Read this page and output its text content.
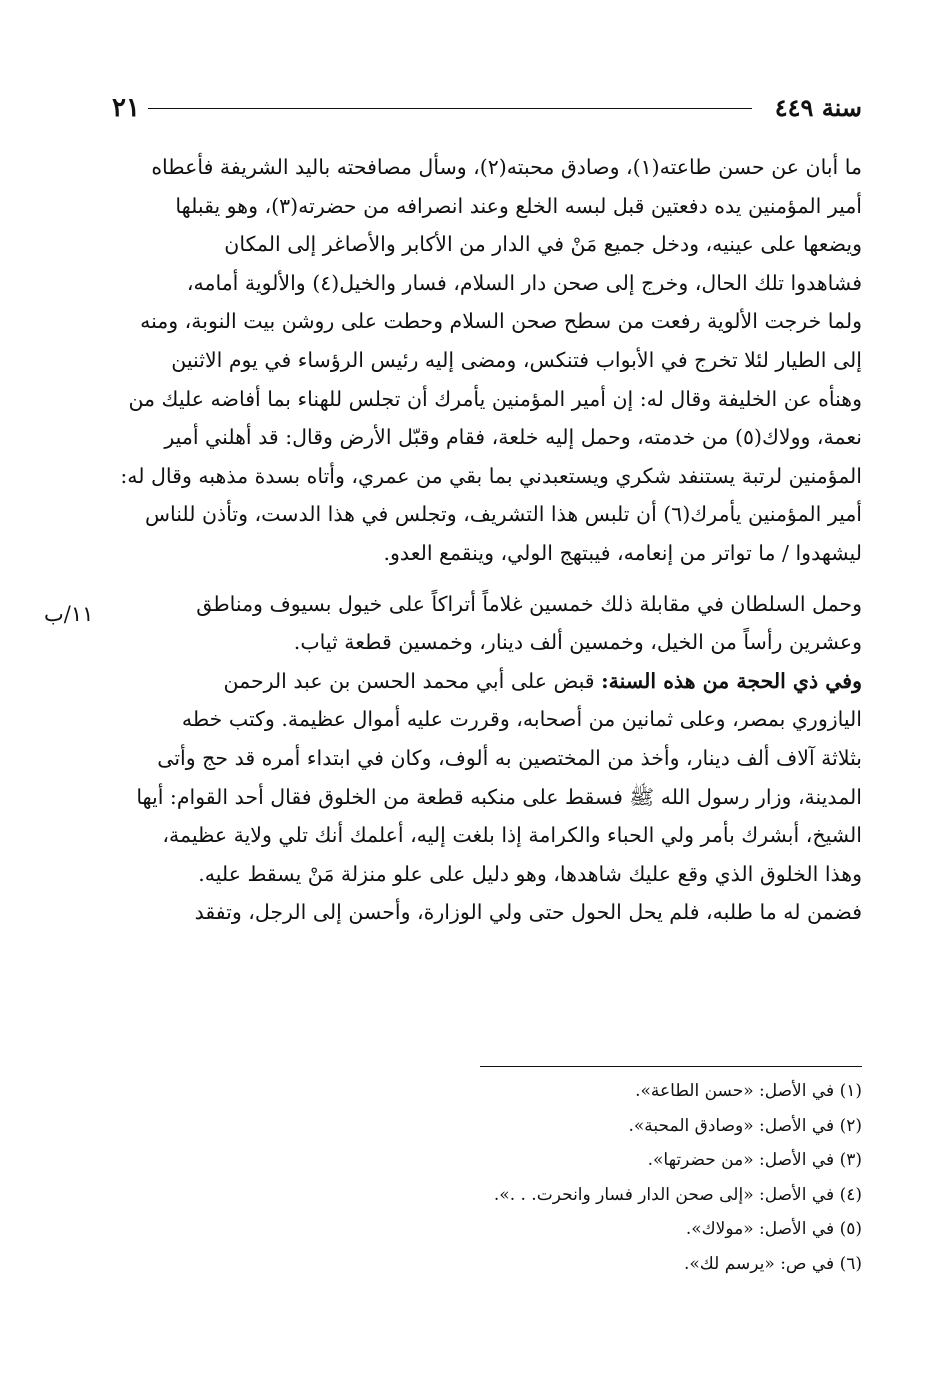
سنة ٤٤٩
٢١
١١/ب
ما أبان عن حسن طاعته(١)، وصادق محبته(٢)، وسأل مصافحته باليد الشريفة فأعطاه
أمير المؤمنين يده دفعتين قبل لبسه الخلع وعند انصرافه من حضرته(٣)، وهو يقبلها
ويضعها على عينيه، ودخل جميع مَنْ في الدار من الأكابر والأصاغر إلى المكان
فشاهدوا تلك الحال، وخرج إلى صحن دار السلام، فسار والخيل(٤) والألوية أمامه،
ولما خرجت الألوية رفعت من سطح صحن السلام وحطت على روشن بيت النوبة، ومنه
إلى الطيار لئلا تخرج في الأبواب فتنكس، ومضى إليه رئيس الرؤساء في يوم الاثنين
وهنأه عن الخليفة وقال له: إن أمير المؤمنين يأمرك أن تجلس للهناء بما أفاضه عليك من
نعمة، وولاك(٥) من خدمته، وحمل إليه خلعة، فقام وقبّل الأرض وقال: قد أهلني أمير
المؤمنين لرتبة يستنفد شكري ويستعبدني بما بقي من عمري، وأتاه بسدة مذهبه وقال له:
أمير المؤمنين يأمرك(٦) أن تلبس هذا التشريف، وتجلس في هذا الدست، وتأذن للناس
ليشهدوا / ما تواتر من إنعامه، فيبتهج الولي، وينقمع العدو.
وحمل السلطان في مقابلة ذلك خمسين غلاماً أتراكاً على خيول بسيوف ومناطق
وعشرين رأساً من الخيل، وخمسين ألف دينار، وخمسين قطعة ثياب.
وفي ذي الحجة من هذه السنة: قبض على أبي محمد الحسن بن عبد الرحمن
اليازوري بمصر، وعلى ثمانين من أصحابه، وقررت عليه أموال عظيمة. وكتب خطه
بثلاثة آلاف ألف دينار، وأخذ من المختصين به ألوف، وكان في ابتداء أمره قد حج وأتى
المدينة، وزار رسول الله ﷺ فسقط على منكبه قطعة من الخلوق فقال أحد القوام: أيها
الشيخ، أبشرك بأمر ولي الحباء والكرامة إذا بلغت إليه، أعلمك أنك تلي ولاية عظيمة،
وهذا الخلوق الذي وقع عليك شاهدها، وهو دليل على علو منزلة مَنْ يسقط عليه.
فضمن له ما طلبه، فلم يحل الحول حتى ولي الوزارة، وأحسن إلى الرجل، وتفقد
(١) في الأصل: «حسن الطاعة».
(٢) في الأصل: «وصادق المحبة».
(٣) في الأصل: «من حضرتها».
(٤) في الأصل: «إلى صحن الدار فسار وانحرت. . .».
(٥) في الأصل: «مولاك».
(٦) في ص: «يرسم لك».
